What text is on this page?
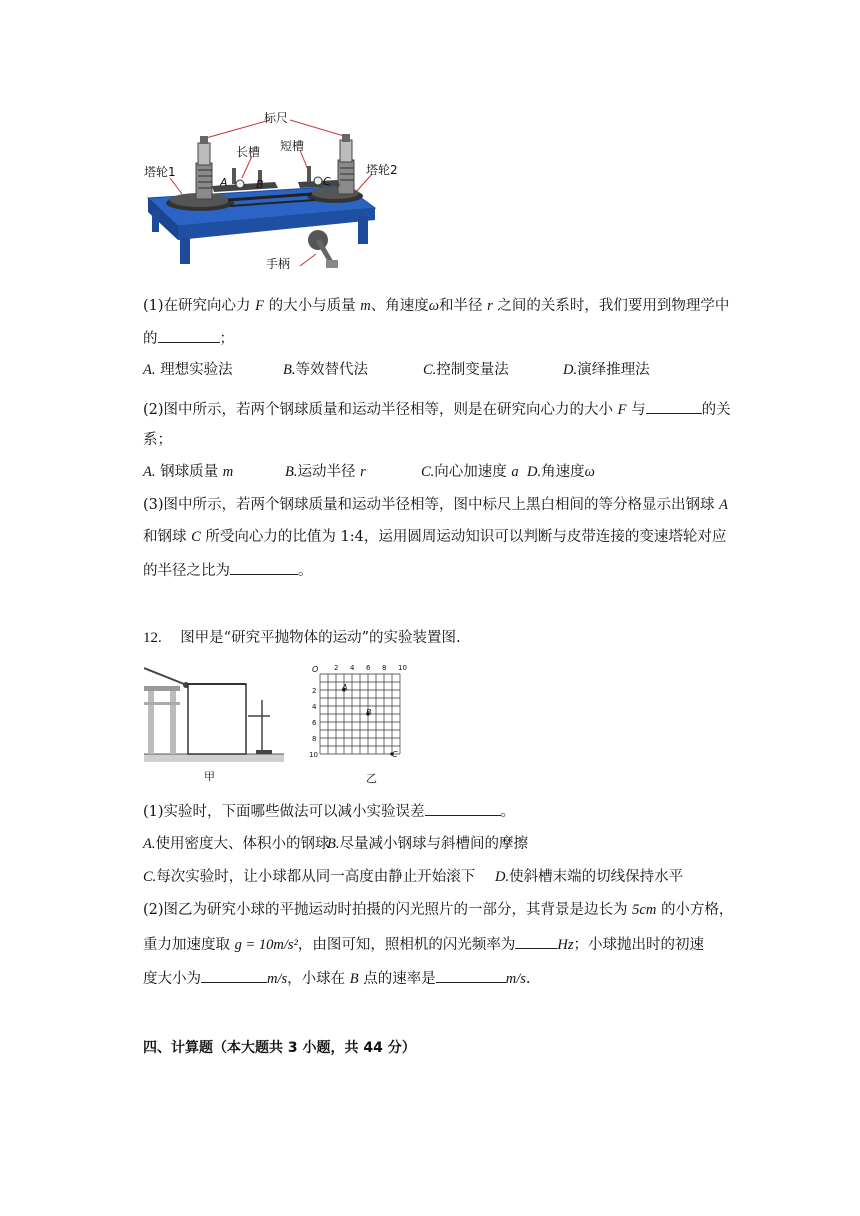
标尺
长槽 短槽
塔轮1	塔轮2
手柄
A	B	C
(1)在研究向心力 F 的大小与质量 m、角速度ω和半径 r 之间的关系时，我们要用到物理学中
的	；
A. 理想实验法	B.等效替代法	C.控制变量法	D.演绎推理法
(2)图中所示，若两个钢球质量和运动半径相等，则是在研究向心力的大小 F 与	的关
系；
A. 钢球质量 m	B.运动半径 r	C.向心加速度 a D.角速度ω
(3)图中所示，若两个钢球质量和运动半径相等，图中标尺上黑白相间的等分格显示出钢球 A
和钢球 C 所受向心力的比值为 1:4，运用圆周运动知识可以判断与皮带连接的变速塔轮对应
的半径之比为	。
12. 图甲是“研究平抛物体的运动”的实验装置图.
甲
O 2 4 6 8 10
2
4
6
8
10
A
B
C
乙
(1)实验时，下面哪些做法可以减小实验误差	。
A.使用密度大、体积小的钢球B.尽量减小钢球与斜槽间的摩擦
C.每次实验时，让小球都从同一高度由静止开始滚下 D.使斜槽末端的切线保持水平
(2)图乙为研究小球的平抛运动时拍摄的闪光照片的一部分，其背景是边长为 5cm 的小方格，
重力加速度取 g = 10m/s²，由图可知，照相机的闪光频率为	Hz；小球抛出时的初速
度大小为	m/s，小球在 B 点的速率是	m/s.
四、计算题（本大题共 3 小题，共 44 分）
